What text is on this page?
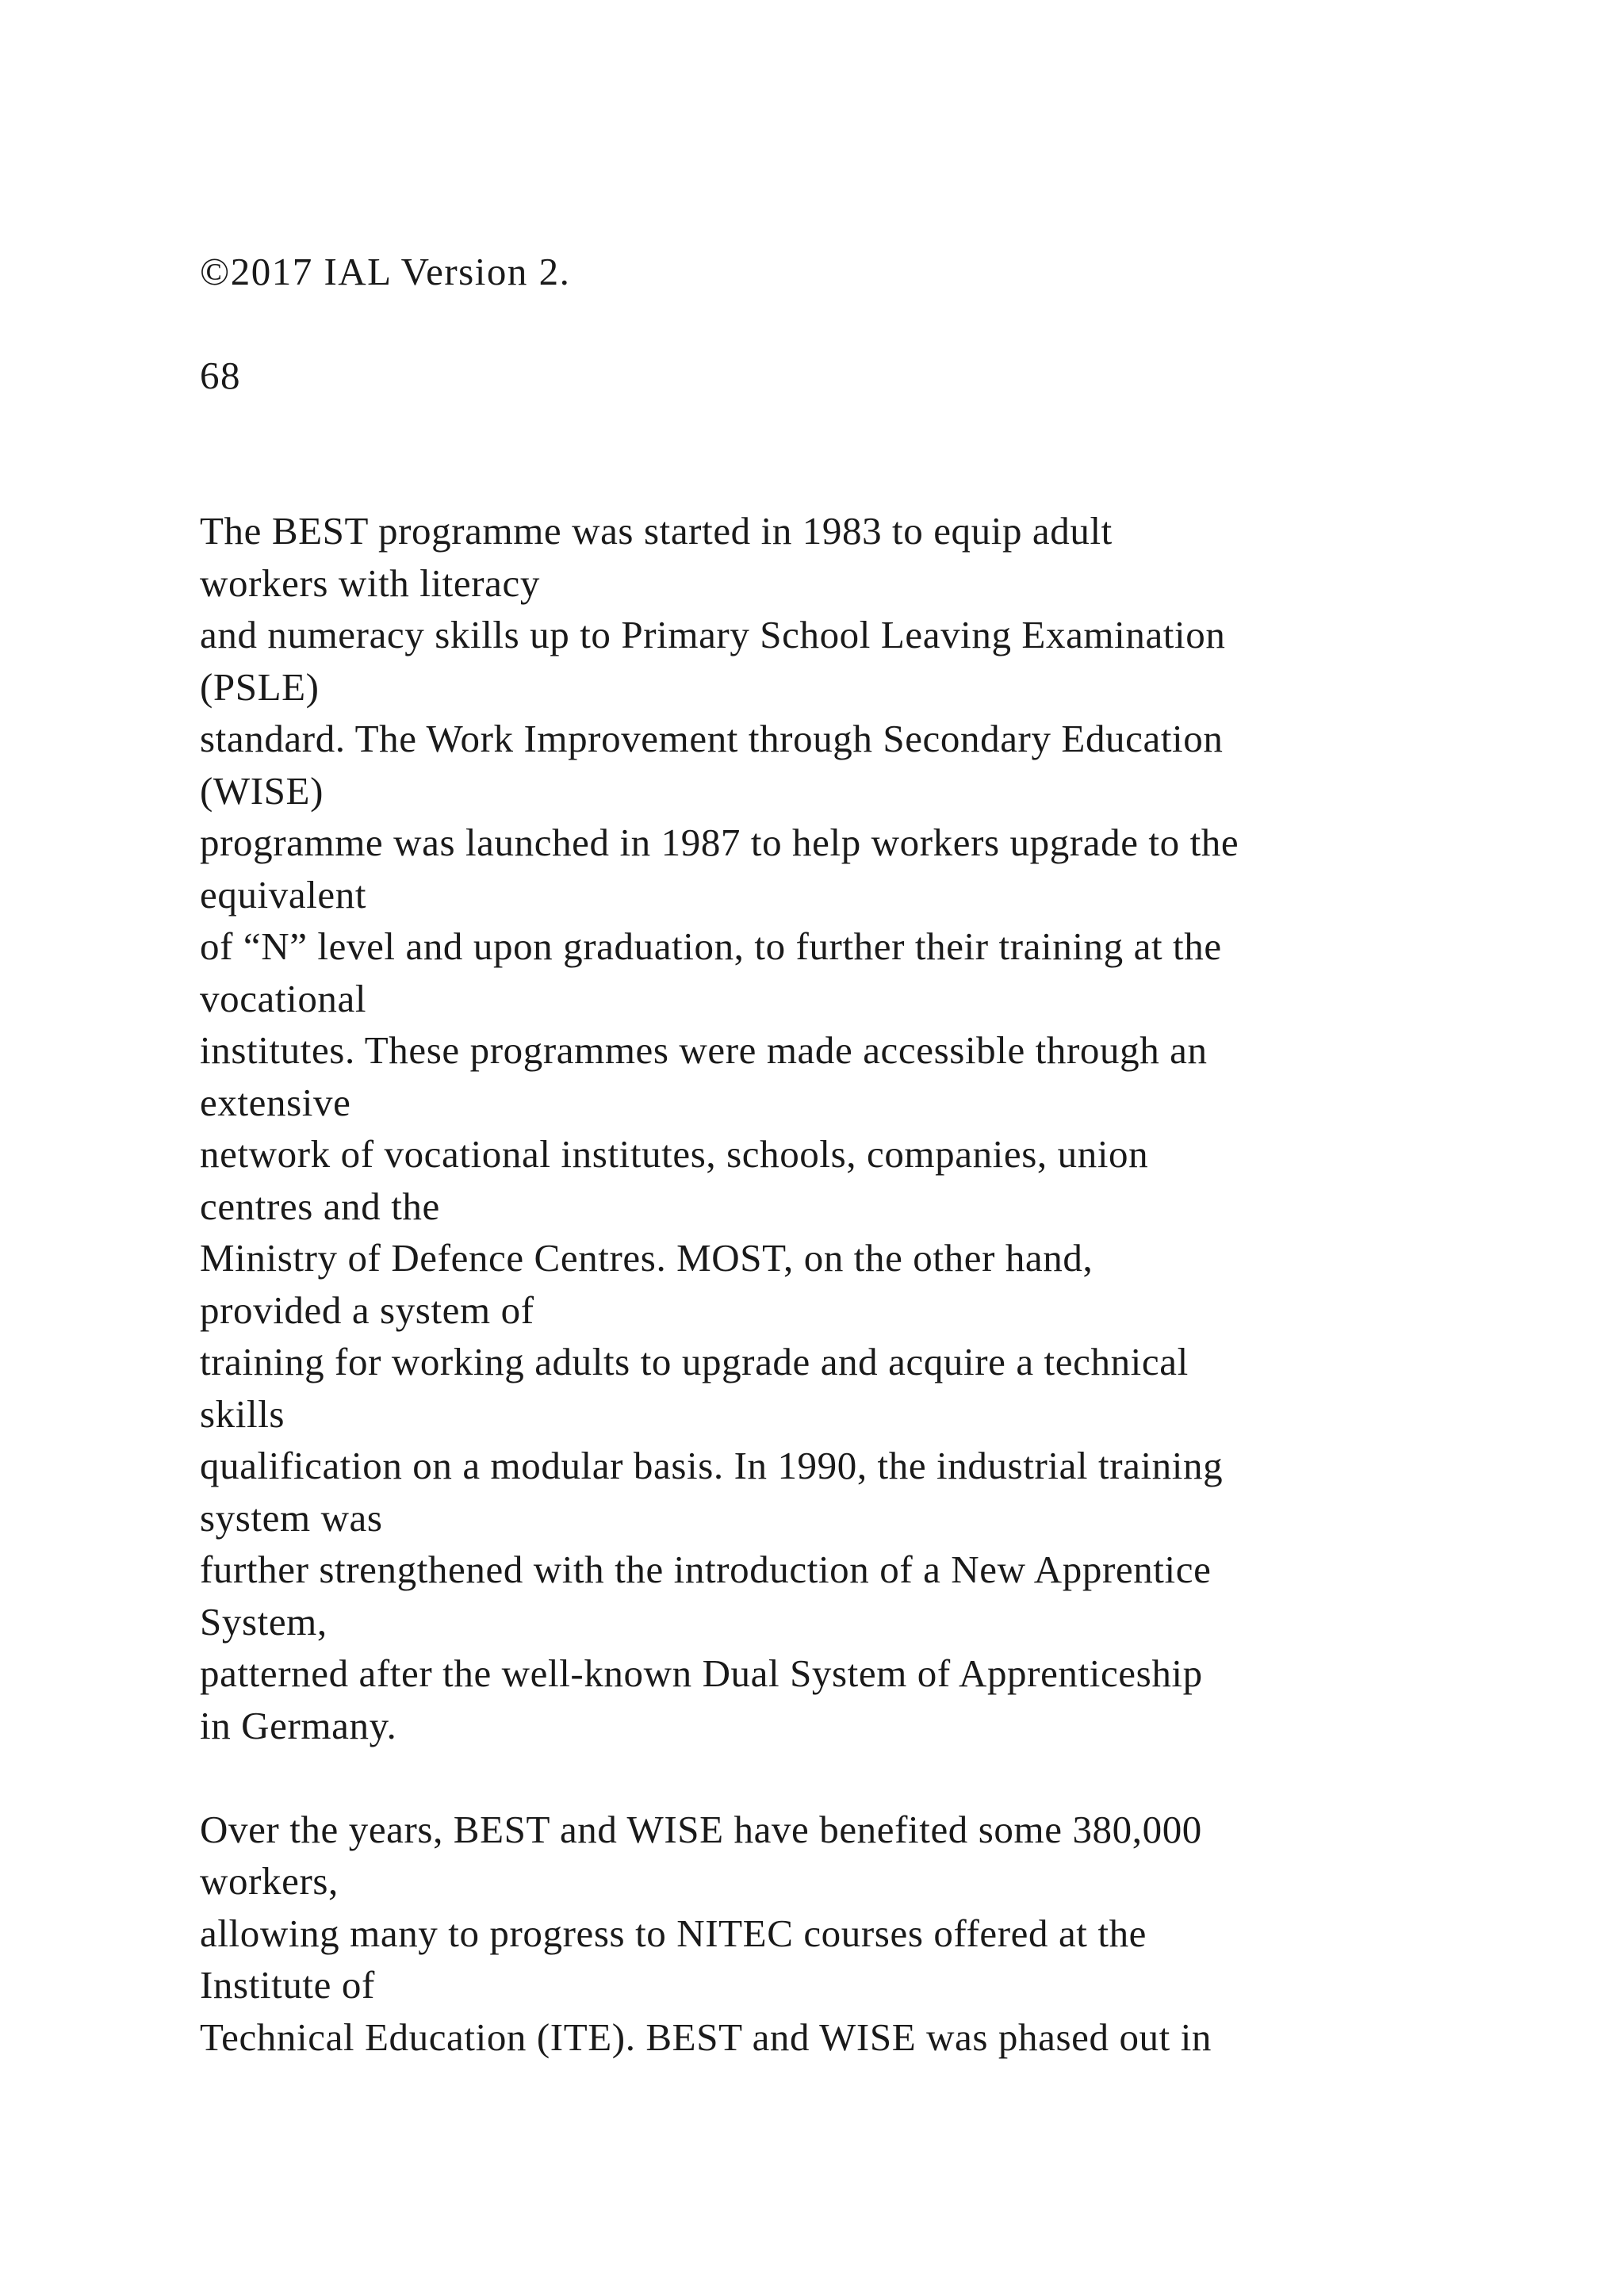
©2017 IAL Version 2.
68
The BEST programme was started in 1983 to equip adult
workers with literacy
and numeracy skills up to Primary School Leaving Examination
(PSLE)
standard. The Work Improvement through Secondary Education
(WISE)
programme was launched in 1987 to help workers upgrade to the
equivalent
of “N” level and upon graduation, to further their training at the
vocational
institutes. These programmes were made accessible through an
extensive
network of vocational institutes, schools, companies, union
centres and the
Ministry of Defence Centres. MOST, on the other hand,
provided a system of
training for working adults to upgrade and acquire a technical
skills
qualification on a modular basis. In 1990, the industrial training
system was
further strengthened with the introduction of a New Apprentice
System,
patterned after the well-known Dual System of Apprenticeship
in Germany.
Over the years, BEST and WISE have benefited some 380,000
workers,
allowing many to progress to NITEC courses offered at the
Institute of
Technical Education (ITE). BEST and WISE was phased out in
